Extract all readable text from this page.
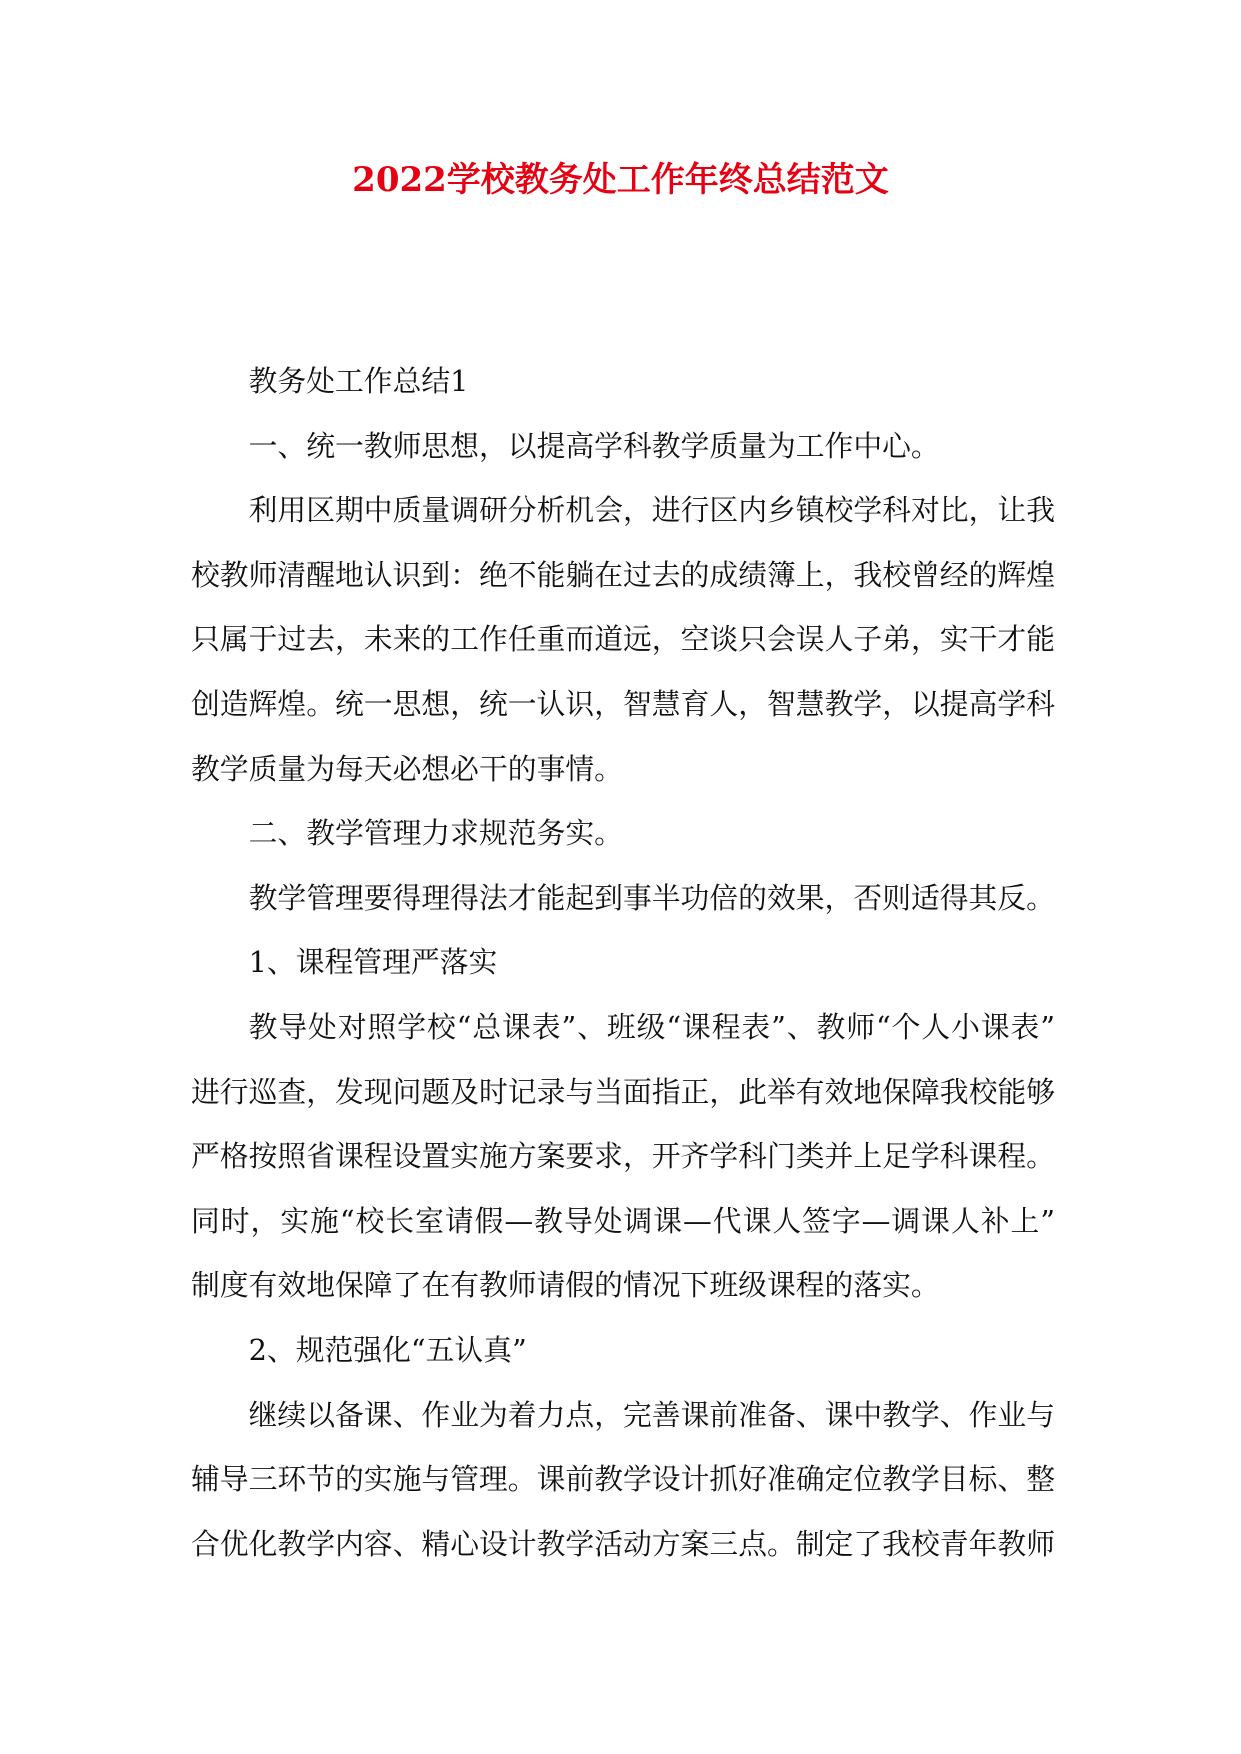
2022学校教务处工作年终总结范文
教务处工作总结1
一、统一教师思想，以提高学科教学质量为工作中心。
利用区期中质量调研分析机会，进行区内乡镇校学科对比，让我
校教师清醒地认识到：绝不能躺在过去的成绩簿上，我校曾经的辉煌
只属于过去，未来的工作任重而道远，空谈只会误人子弟，实干才能
创造辉煌。统一思想，统一认识，智慧育人，智慧教学，以提高学科
教学质量为每天必想必干的事情。
二、教学管理力求规范务实。
教学管理要得理得法才能起到事半功倍的效果，否则适得其反。
1、课程管理严落实
教导处对照学校“总课表”、班级“课程表”、教师“个人小课表”
进行巡查，发现问题及时记录与当面指正，此举有效地保障我校能够
严格按照省课程设置实施方案要求，开齐学科门类并上足学科课程。
同时，实施“校长室请假—教导处调课—代课人签字—调课人补上”
制度有效地保障了在有教师请假的情况下班级课程的落实。
2、规范强化“五认真”
继续以备课、作业为着力点，完善课前准备、课中教学、作业与
辅导三环节的实施与管理。课前教学设计抓好准确定位教学目标、整
合优化教学内容、精心设计教学活动方案三点。制定了我校青年教师
